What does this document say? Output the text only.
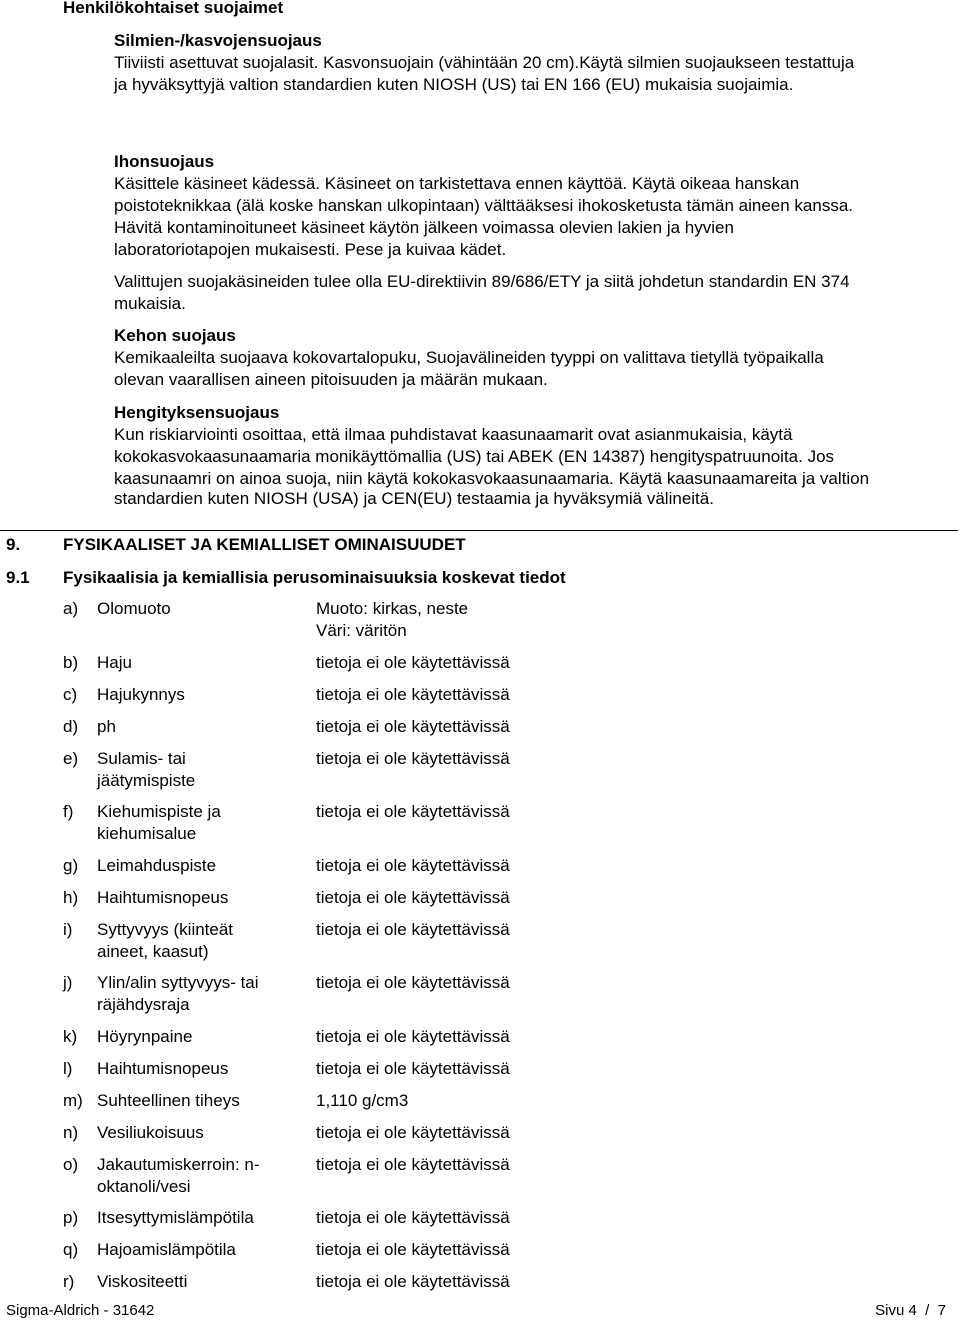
Henkilökohtaiset suojaimet
Silmien-/kasvojensuojaus
Tiiviisti asettuvat suojalasit. Kasvonsuojain (vähintään 20 cm).Käytä silmien suojaukseen testattuja
ja hyväksyttyjä valtion standardien kuten NIOSH (US) tai EN 166 (EU) mukaisia suojaimia.
Ihonsuojaus
Käsittele käsineet kädessä. Käsineet on tarkistettava ennen käyttöä. Käytä oikeaa hanskan
poistoteknikkaa (älä koske hanskan ulkopintaan) välttääksesi ihokosketusta tämän aineen kanssa.
Hävitä kontaminoituneet käsineet käytön jälkeen voimassa olevien lakien ja hyvien
laboratoriotapojen mukaisesti. Pese ja kuivaa kädet.
Valittujen suojakäsineiden tulee olla EU-direktiivin 89/686/ETY ja siitä johdetun standardin EN 374
mukaisia.
Kehon suojaus
Kemikaaleilta suojaava kokovartalopuku, Suojavälineiden tyyppi on valittava tietyllä työpaikalla
olevan vaarallisen aineen pitoisuuden ja määrän mukaan.
Hengityksensuojaus
Kun riskiarviointi osoittaa, että ilmaa puhdistavat kaasunaamarit ovat asianmukaisia, käytä
kokokasvokaasunaamaria monikäyttömallia (US) tai ABEK (EN 14387) hengityspatruunoita. Jos
kaasunaamri on ainoa suoja, niin käytä kokokasvokaasunaamaria. Käytä kaasunaamareita ja valtion
standardien kuten NIOSH (USA) ja CEN(EU) testaamia ja hyväksymiä välineitä.
9.	FYSIKAALISET JA KEMIALLISET OMINAISUUDET
9.1 Fysikaalisia ja kemiallisia perusominaisuuksia koskevat tiedot
a) Olomuoto	Muoto: kirkas, neste
Väri: väritön
b) Haju	tietoja ei ole käytettävissä
c) Hajukynnys	tietoja ei ole käytettävissä
d) ph	tietoja ei ole käytettävissä
e) Sulamis- tai jäätymispiste
tietoja ei ole käytettävissä
f) Kiehumispiste ja kiehumisalue
tietoja ei ole käytettävissä
g) Leimahduspiste	tietoja ei ole käytettävissä
h) Haihtumisnopeus	tietoja ei ole käytettävissä
i) Syttyvyys (kiinteät aineet, kaasut)
tietoja ei ole käytettävissä
j) Ylin/alin syttyvyys- tai räjähdysraja
tietoja ei ole käytettävissä
k) Höyrynpaine	tietoja ei ole käytettävissä
l) Haihtumisnopeus	tietoja ei ole käytettävissä
m) Suhteellinen tiheys	1,110 g/cm3
n) Vesiliukoisuus	tietoja ei ole käytettävissä
o) Jakautumiskerroin: n-oktanoli/vesi
tietoja ei ole käytettävissä
p) Itsesyttymislämpötila	tietoja ei ole käytettävissä
q) Hajoamislämpötila	tietoja ei ole käytettävissä
r) Viskositeetti	tietoja ei ole käytettävissä
Sigma-Aldrich - 31642	Sivu 4  /  7
